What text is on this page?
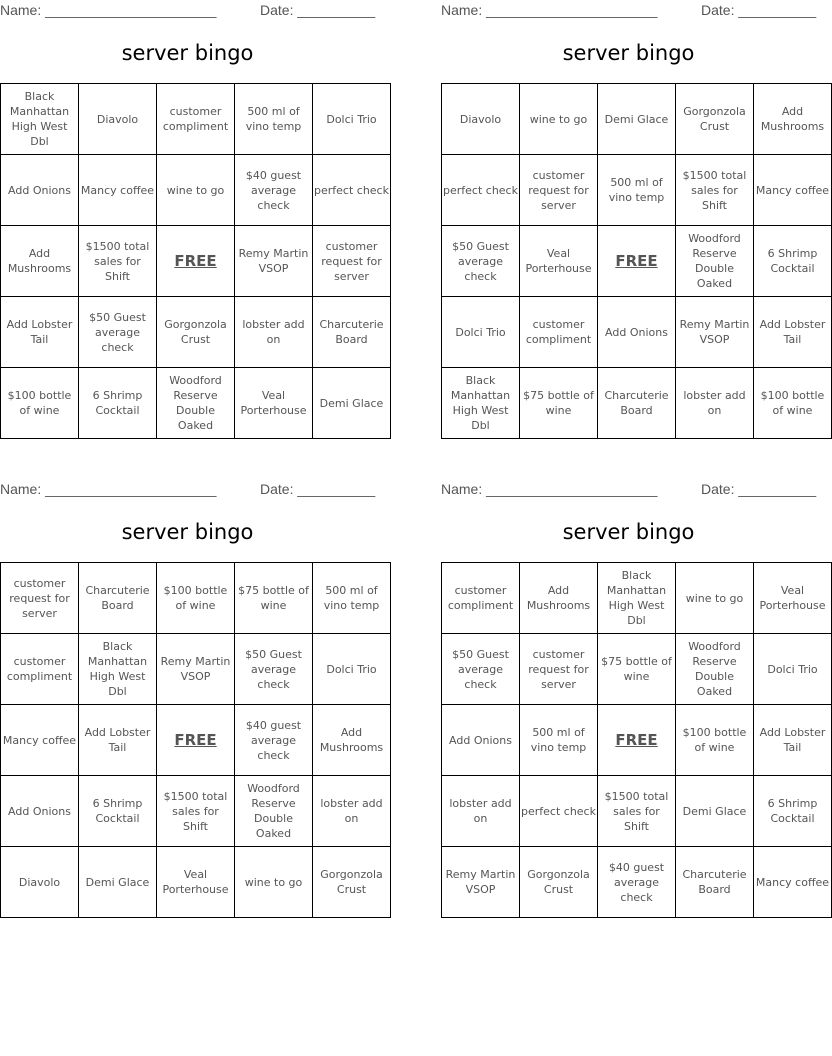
Name: ______________________	Date: __________
server bingo
Black Manhattan High West Dbl	Diavolo	customer compliment	500 ml of vino temp	Dolci Trio
Add Onions	Mancy coffee	wine to go	$40 guest average check	perfect check
Add Mushrooms	$1500 total sales for Shift	FREE	Remy Martin VSOP	customer request for server
Add Lobster Tail	$50 Guest average check	Gorgonzola Crust	lobster add on	Charcuterie Board
$100 bottle of wine	6 Shrimp Cocktail	Woodford Reserve Double Oaked	Veal Porterhouse	Demi Glace
Name: ______________________	Date: __________
server bingo
Diavolo	wine to go	Demi Glace	Gorgonzola Crust	Add Mushrooms
perfect check	customer request for server	500 ml of vino temp	$1500 total sales for Shift	Mancy coffee
$50 Guest average check	Veal Porterhouse	FREE	Woodford Reserve Double Oaked	6 Shrimp Cocktail
Dolci Trio	customer compliment	Add Onions	Remy Martin VSOP	Add Lobster Tail
Black Manhattan High West Dbl	$75 bottle of wine	Charcuterie Board	lobster add on	$100 bottle of wine
Name: ______________________	Date: __________
server bingo
customer request for server	Charcuterie Board	$100 bottle of wine	$75 bottle of wine	500 ml of vino temp
customer compliment	Black Manhattan High West Dbl	Remy Martin VSOP	$50 Guest average check	Dolci Trio
Mancy coffee	Add Lobster Tail	FREE	$40 guest average check	Add Mushrooms
Add Onions	6 Shrimp Cocktail	$1500 total sales for Shift	Woodford Reserve Double Oaked	lobster add on
Diavolo	Demi Glace	Veal Porterhouse	wine to go	Gorgonzola Crust
Name: ______________________	Date: __________
server bingo
customer compliment	Add Mushrooms	Black Manhattan High West Dbl	wine to go	Veal Porterhouse
$50 Guest average check	customer request for server	$75 bottle of wine	Woodford Reserve Double Oaked	Dolci Trio
Add Onions	500 ml of vino temp	FREE	$100 bottle of wine	Add Lobster Tail
lobster add on	perfect check	$1500 total sales for Shift	Demi Glace	6 Shrimp Cocktail
Remy Martin VSOP	Gorgonzola Crust	$40 guest average check	Charcuterie Board	Mancy coffee
